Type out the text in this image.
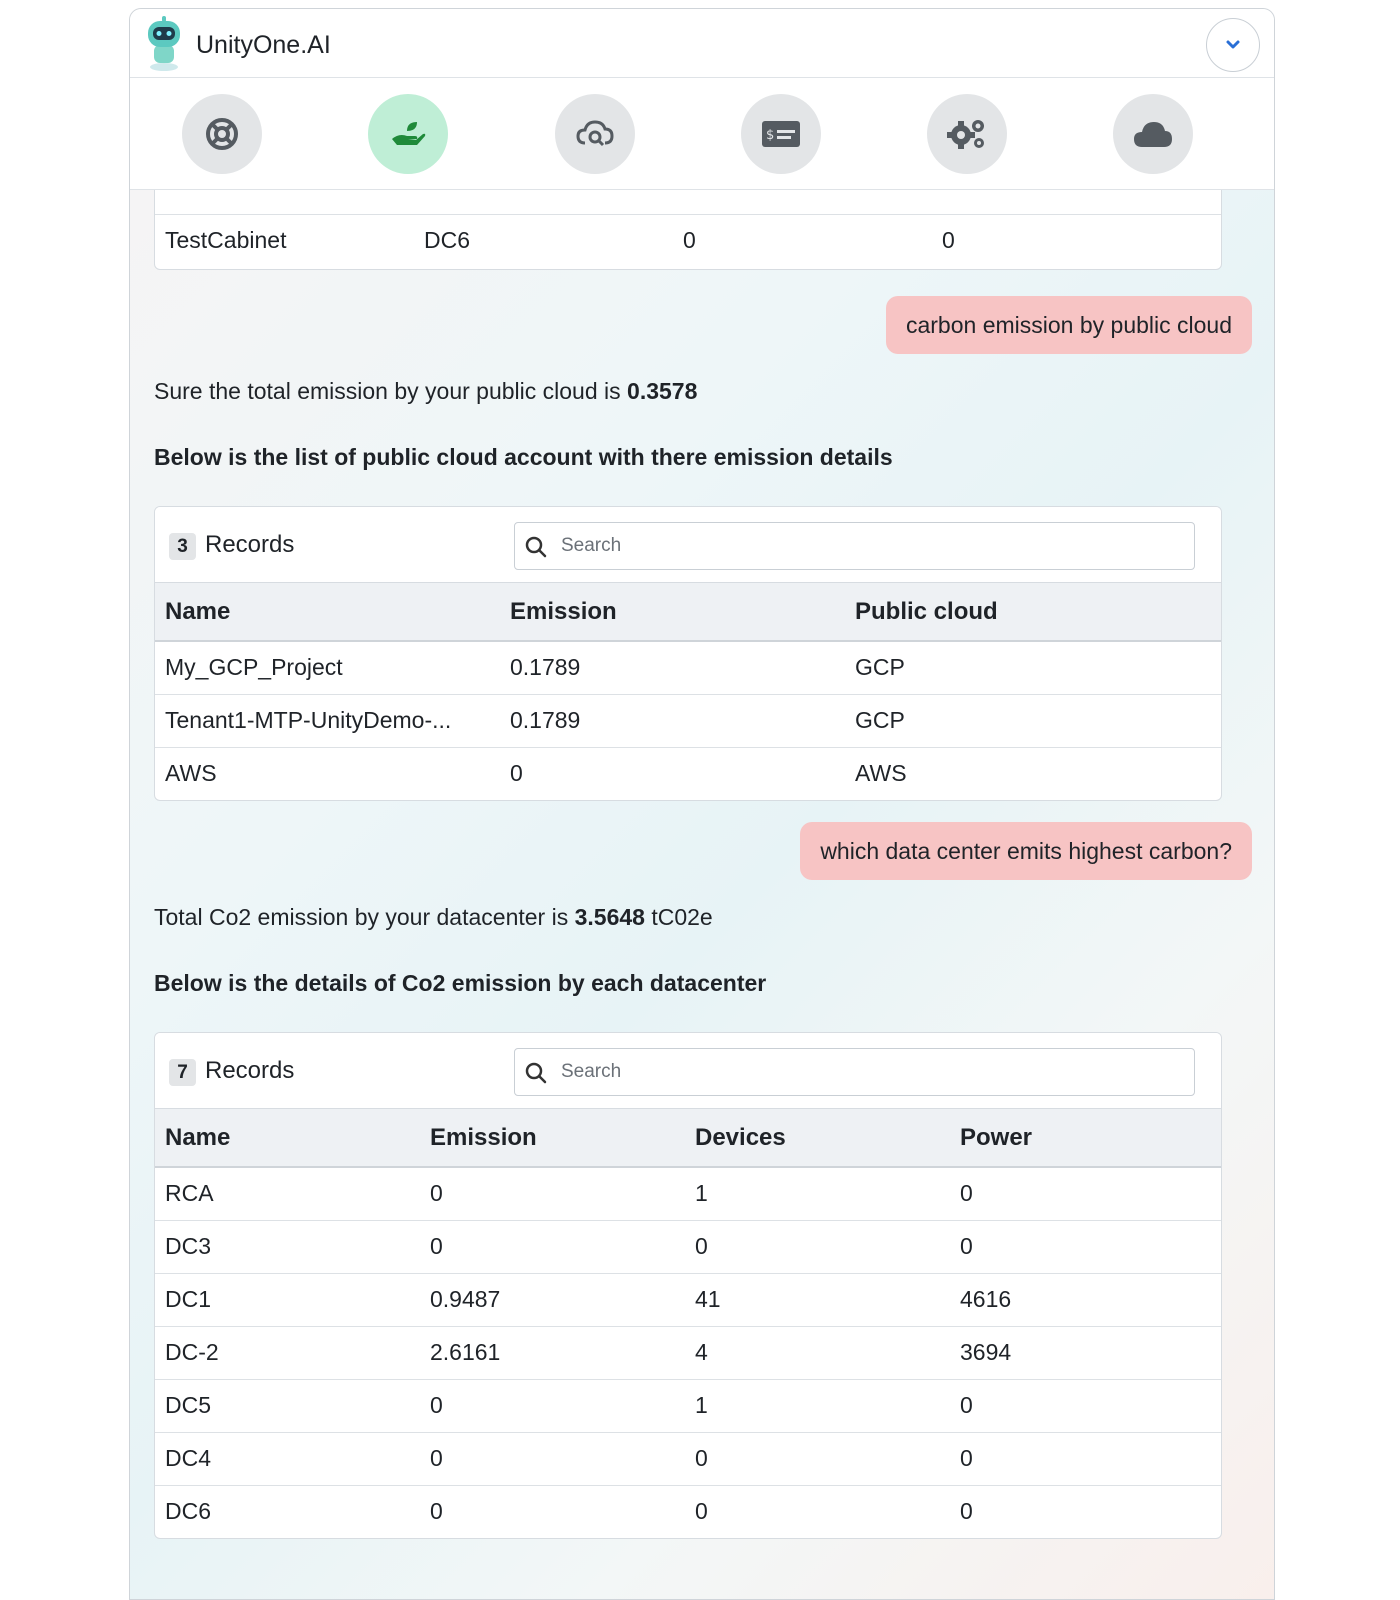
UnityOne.AI
$

TestCabinet	DC6	0	0
carbon emission by public cloud
Sure the total emission by your public cloud is 0.3578
Below is the list of public cloud account with there emission details
3 Records
Search
Name	Emission	Public cloud
My_GCP_Project	0.1789	GCP
Tenant1-MTP-UnityDemo-...	0.1789	GCP
AWS	0	AWS
which data center emits highest carbon?
Total Co2 emission by your datacenter is 3.5648 tC02e
Below is the details of Co2 emission by each datacenter
7 Records
Search
Name	Emission	Devices	Power
RCA	0	1	0
DC3	0	0	0
DC1	0.9487	41	4616
DC-2	2.6161	4	3694
DC5	0	1	0
DC4	0	0	0
DC6	0	0	0
